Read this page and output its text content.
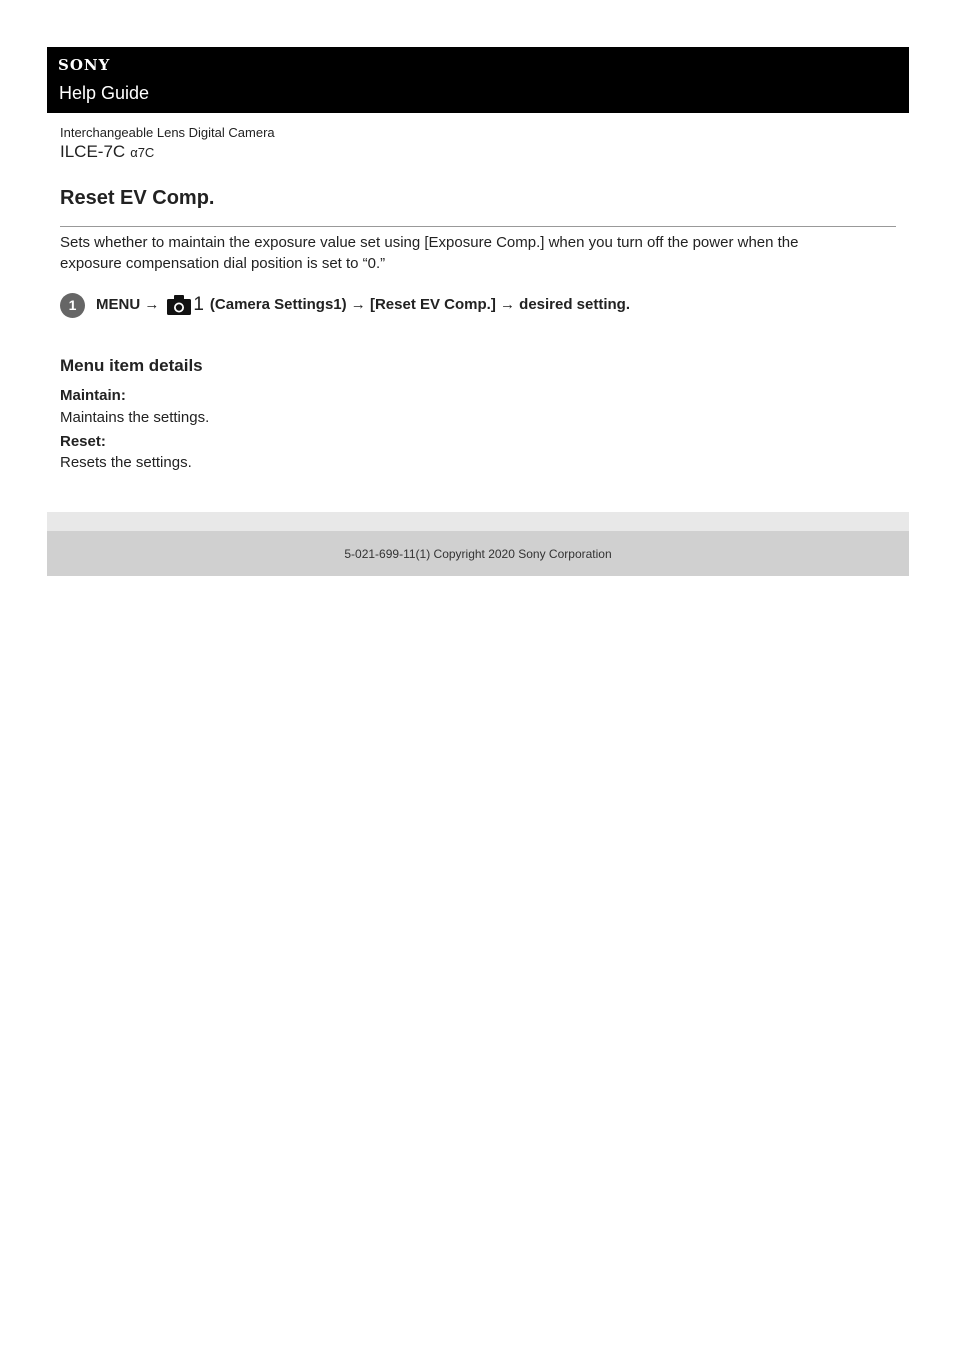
SONY
Help Guide
Interchangeable Lens Digital Camera
ILCE-7C α7C
Reset EV Comp.

Sets whether to maintain the exposure value set using [Exposure Comp.] when you turn off the power when the exposure compensation dial position is set to “0.”

1	MENU → 1 (Camera Settings1) → [Reset EV Comp.] → desired setting.
Menu item details
Maintain:
Maintains the settings.
Reset:
Resets the settings.
5-021-699-11(1) Copyright 2020 Sony Corporation
